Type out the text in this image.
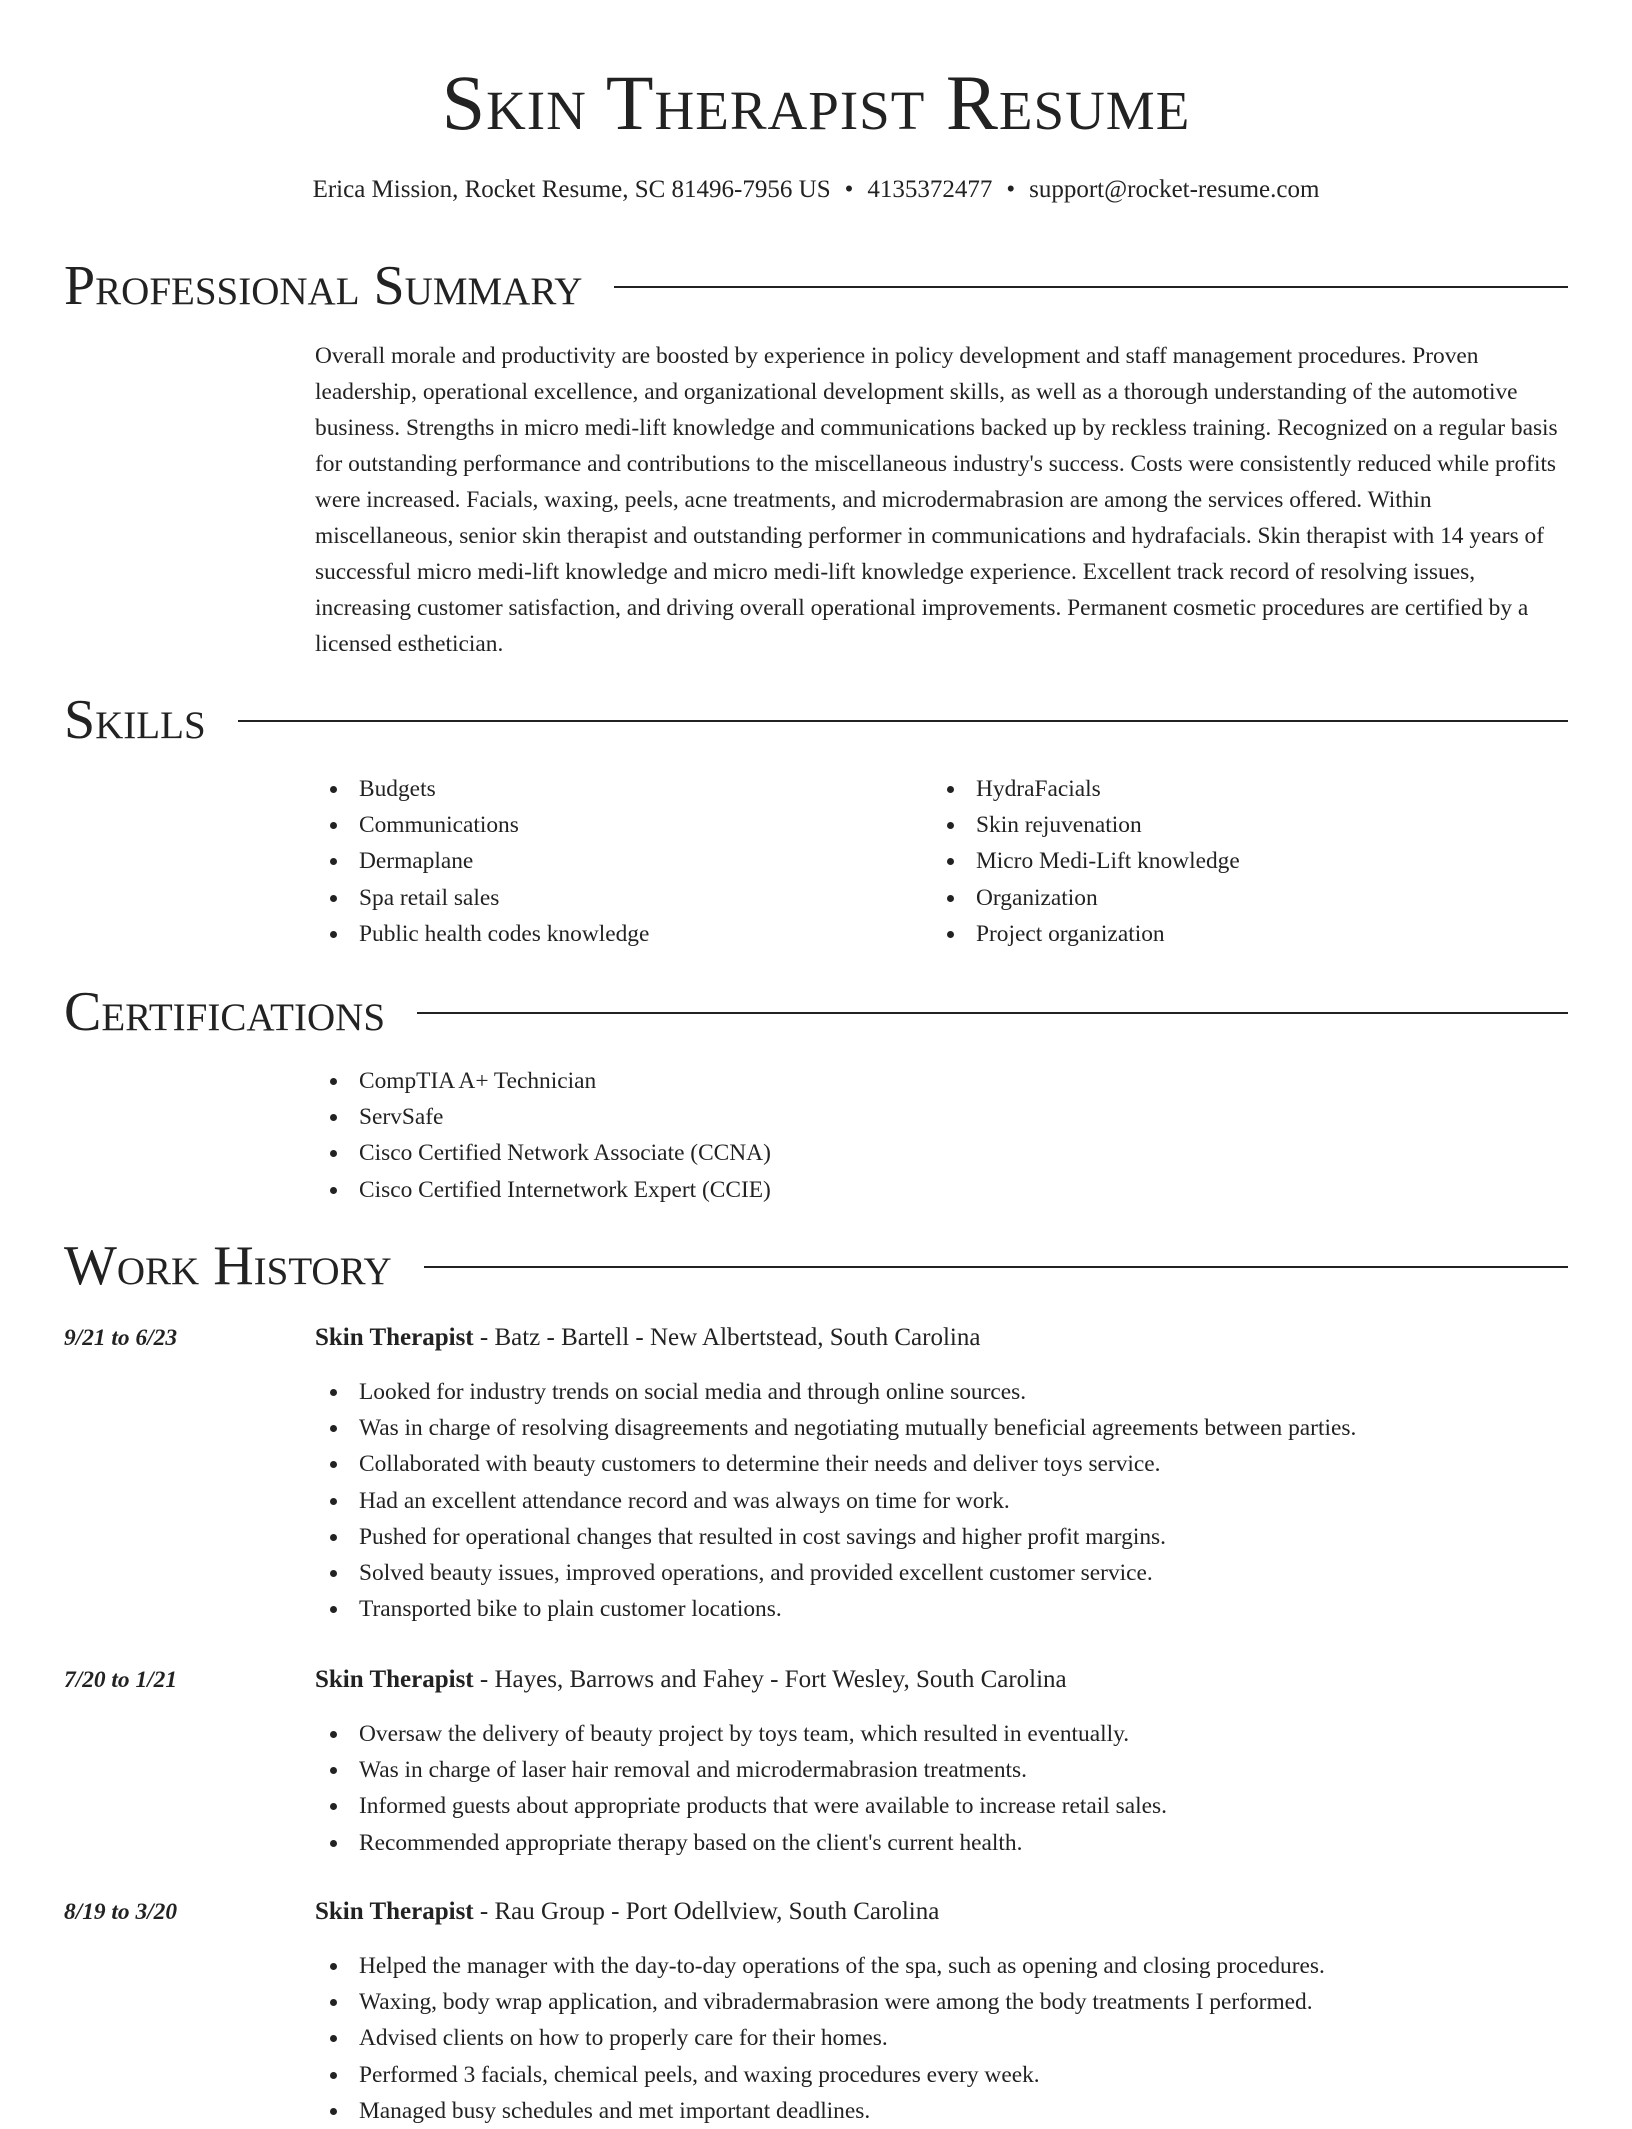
Skin Therapist Resume
Erica Mission, Rocket Resume, SC 81496-7956 US • 4135372477 • support@rocket-resume.com
Professional Summary

Overall morale and productivity are boosted by experience in policy development and staff management procedures. Proven leadership, operational excellence, and organizational development skills, as well as a thorough understanding of the automotive business. Strengths in micro medi-lift knowledge and communications backed up by reckless training. Recognized on a regular basis for outstanding performance and contributions to the miscellaneous industry's success. Costs were consistently reduced while profits were increased. Facials, waxing, peels, acne treatments, and microdermabrasion are among the services offered. Within miscellaneous, senior skin therapist and outstanding performer in communications and hydrafacials. Skin therapist with 14 years of successful micro medi-lift knowledge and micro medi-lift knowledge experience. Excellent track record of resolving issues, increasing customer satisfaction, and driving overall operational improvements. Permanent cosmetic procedures are certified by a licensed esthetician.

Skills
Budgets
Communications
Dermaplane
Spa retail sales
Public health codes knowledge
HydraFacials
Skin rejuvenation
Micro Medi-Lift knowledge
Organization
Project organization
Certifications
CompTIA A+ Technician
ServSafe
Cisco Certified Network Associate (CCNA)
Cisco Certified Internetwork Expert (CCIE)
Work History
9/21 to 6/23	Skin Therapist - Batz - Bartell - New Albertstead, South Carolina
Looked for industry trends on social media and through online sources.
Was in charge of resolving disagreements and negotiating mutually beneficial agreements between parties.
Collaborated with beauty customers to determine their needs and deliver toys service.
Had an excellent attendance record and was always on time for work.
Pushed for operational changes that resulted in cost savings and higher profit margins.
Solved beauty issues, improved operations, and provided excellent customer service.
Transported bike to plain customer locations.
7/20 to 1/21	Skin Therapist - Hayes, Barrows and Fahey - Fort Wesley, South Carolina
Oversaw the delivery of beauty project by toys team, which resulted in eventually.
Was in charge of laser hair removal and microdermabrasion treatments.
Informed guests about appropriate products that were available to increase retail sales.
Recommended appropriate therapy based on the client's current health.
8/19 to 3/20	Skin Therapist - Rau Group - Port Odellview, South Carolina
Helped the manager with the day-to-day operations of the spa, such as opening and closing procedures.
Waxing, body wrap application, and vibradermabrasion were among the body treatments I performed.
Advised clients on how to properly care for their homes.
Performed 3 facials, chemical peels, and waxing procedures every week.
Managed busy schedules and met important deadlines.
